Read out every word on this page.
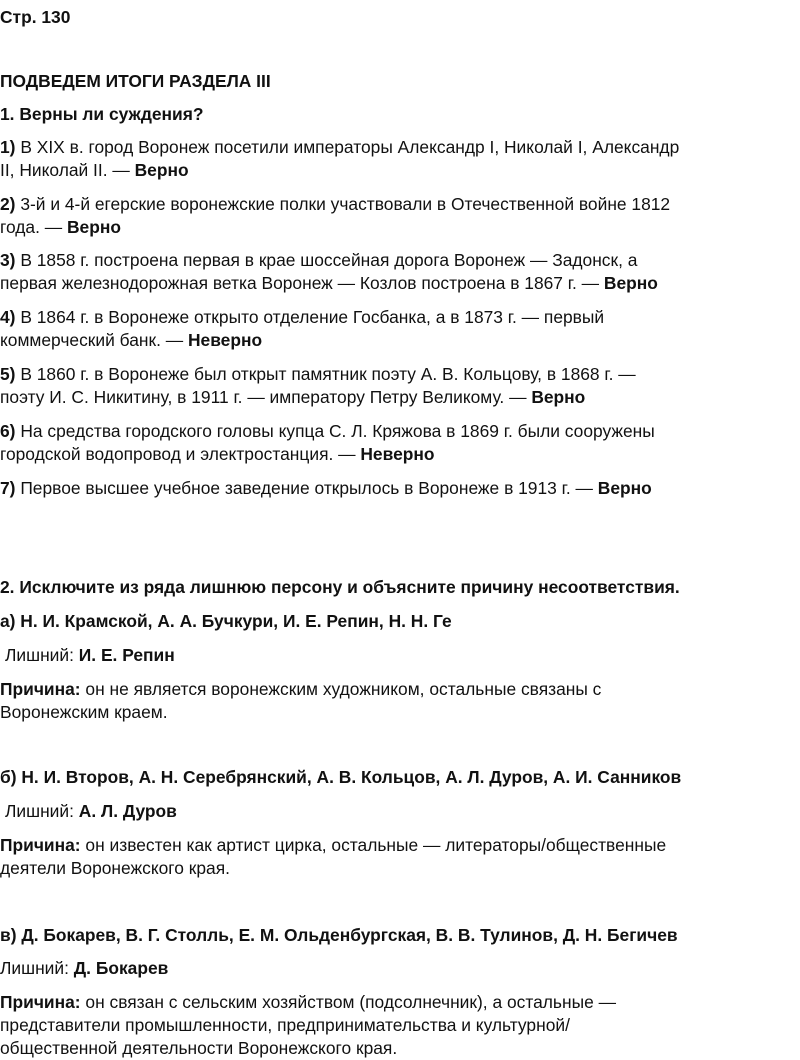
Стр. 130
ПОДВЕДЕМ ИТОГИ РАЗДЕЛА III
1. Верны ли суждения?
1) В XIX в. город Воронеж посетили императоры Александр I, Николай I, Александр
II, Николай II. — Верно
2) 3-й и 4-й егерские воронежские полки участвовали в Отечественной войне 1812
года. — Верно
3) В 1858 г. построена первая в крае шоссейная дорога Воронеж — Задонск, а
первая железнодорожная ветка Воронеж — Козлов построена в 1867 г. — Верно
4) В 1864 г. в Воронеже открыто отделение Госбанка, а в 1873 г. — первый
коммерческий банк. — Неверно
5) В 1860 г. в Воронеже был открыт памятник поэту А. В. Кольцову, в 1868 г. —
поэту И. С. Никитину, в 1911 г. — императору Петру Великому. — Верно
6) На средства городского головы купца С. Л. Кряжова в 1869 г. были сооружены
городской водопровод и электростанция. — Неверно
7) Первое высшее учебное заведение открылось в Воронеже в 1913 г. — Верно
2. Исключите из ряда лишнюю персону и объясните причину несоответствия.
а) Н. И. Крамской, А. А. Бучкури, И. Е. Репин, Н. Н. Ге
Лишний: И. Е. Репин
Причина: он не является воронежским художником, остальные связаны с
Воронежским краем.
б) Н. И. Второв, А. Н. Серебрянский, А. В. Кольцов, А. Л. Дуров, А. И. Санников
Лишний: А. Л. Дуров
Причина: он известен как артист цирка, остальные — литераторы/общественные
деятели Воронежского края.
в) Д. Бокарев, В. Г. Столль, Е. М. Ольденбургская, В. В. Тулинов, Д. Н. Бегичев
Лишний: Д. Бокарев
Причина: он связан с сельским хозяйством (подсолнечник), а остальные —
представители промышленности, предпринимательства и культурной/
общественной деятельности Воронежского края.
